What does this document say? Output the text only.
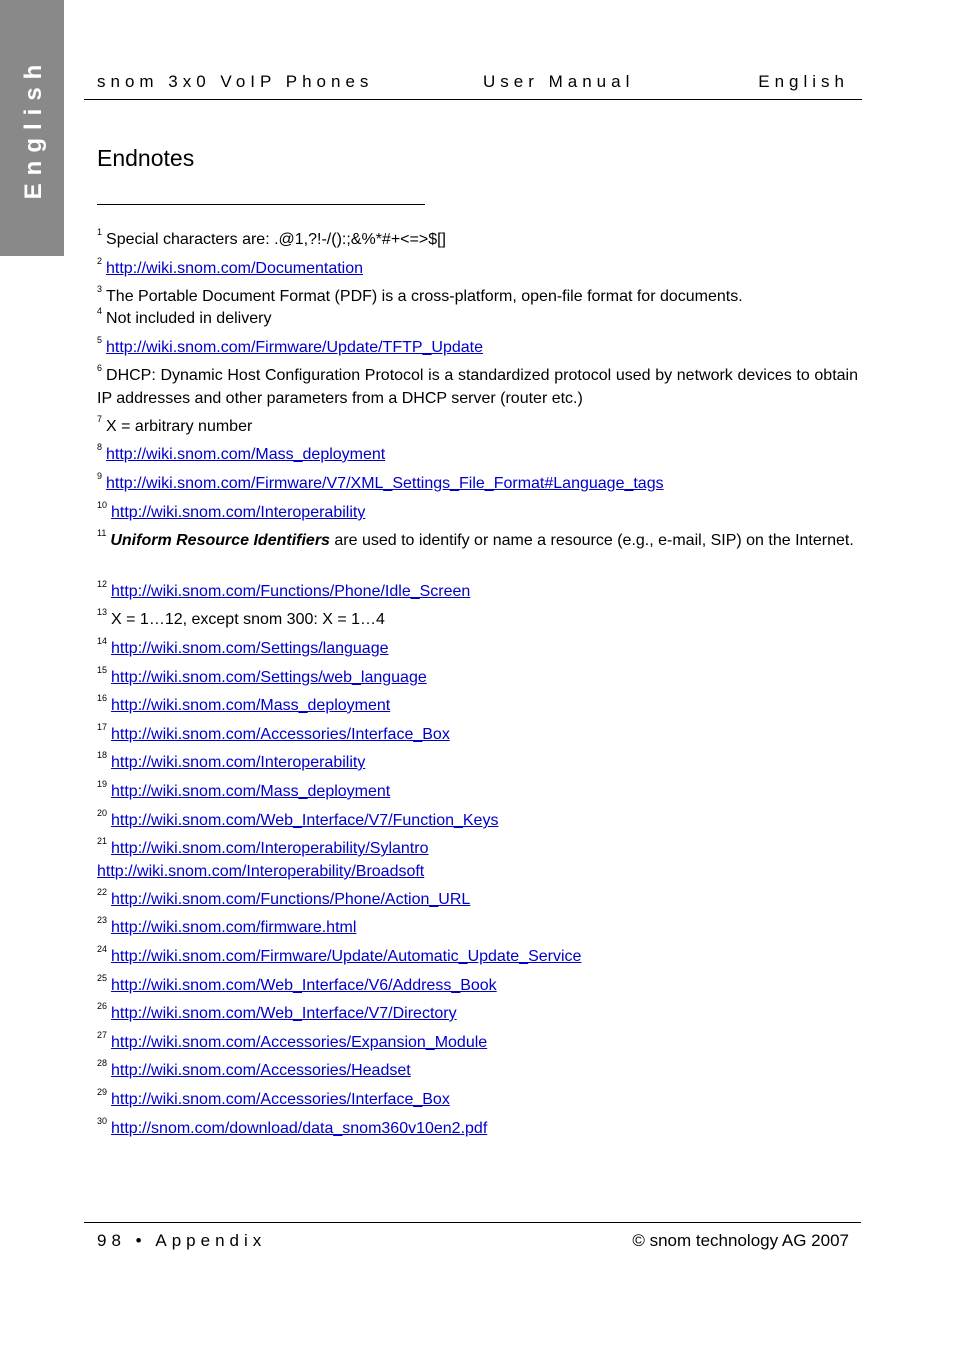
English	snom 3x0 VoIP Phones	User Manual	English
Endnotes
$^1$ Special characters are: .@1,?!-/():;&%*#+<=>$[]
$^2$ http://wiki.snom.com/Documentation
$^3$ The Portable Document Format (PDF) is a cross-platform, open-file format for documents.
$^4$ Not included in delivery
$^5$ http://wiki.snom.com/Firmware/Update/TFTP_Update
$^6$ DHCP: Dynamic Host Configuration Protocol is a standardized protocol used by network devices to obtain IP addresses and other parameters from a DHCP server (router etc.)
$^7$ X = arbitrary number
$^8$ http://wiki.snom.com/Mass_deployment
$^9$ http://wiki.snom.com/Firmware/V7/XML_Settings_File_Format#Language_tags
$^{10}$ http://wiki.snom.com/Interoperability
$^{11}$ Uniform Resource Identifiers are used to identify or name a resource (e.g., e-mail, SIP) on the Internet.
$^{12}$ http://wiki.snom.com/Functions/Phone/Idle_Screen
$^{13}$ X = 1…12, except snom 300: X = 1…4
$^{14}$ http://wiki.snom.com/Settings/language
$^{15}$ http://wiki.snom.com/Settings/web_language
$^{16}$ http://wiki.snom.com/Mass_deployment
$^{17}$ http://wiki.snom.com/Accessories/Interface_Box
$^{18}$ http://wiki.snom.com/Interoperability
$^{19}$ http://wiki.snom.com/Mass_deployment
$^{20}$ http://wiki.snom.com/Web_Interface/V7/Function_Keys
$^{21}$ http://wiki.snom.com/Interoperability/Sylantro
http://wiki.snom.com/Interoperability/Broadsoft
$^{22}$ http://wiki.snom.com/Functions/Phone/Action_URL
$^{23}$ http://wiki.snom.com/firmware.html
$^{24}$ http://wiki.snom.com/Firmware/Update/Automatic_Update_Service
$^{25}$ http://wiki.snom.com/Web_Interface/V6/Address_Book
$^{26}$ http://wiki.snom.com/Web_Interface/V7/Directory
$^{27}$ http://wiki.snom.com/Accessories/Expansion_Module
$^{28}$ http://wiki.snom.com/Accessories/Headset
$^{29}$ http://wiki.snom.com/Accessories/Interface_Box
$^{30}$ http://snom.com/download/data_snom360v10en2.pdf
98 • Appendix	© snom technology AG 2007
